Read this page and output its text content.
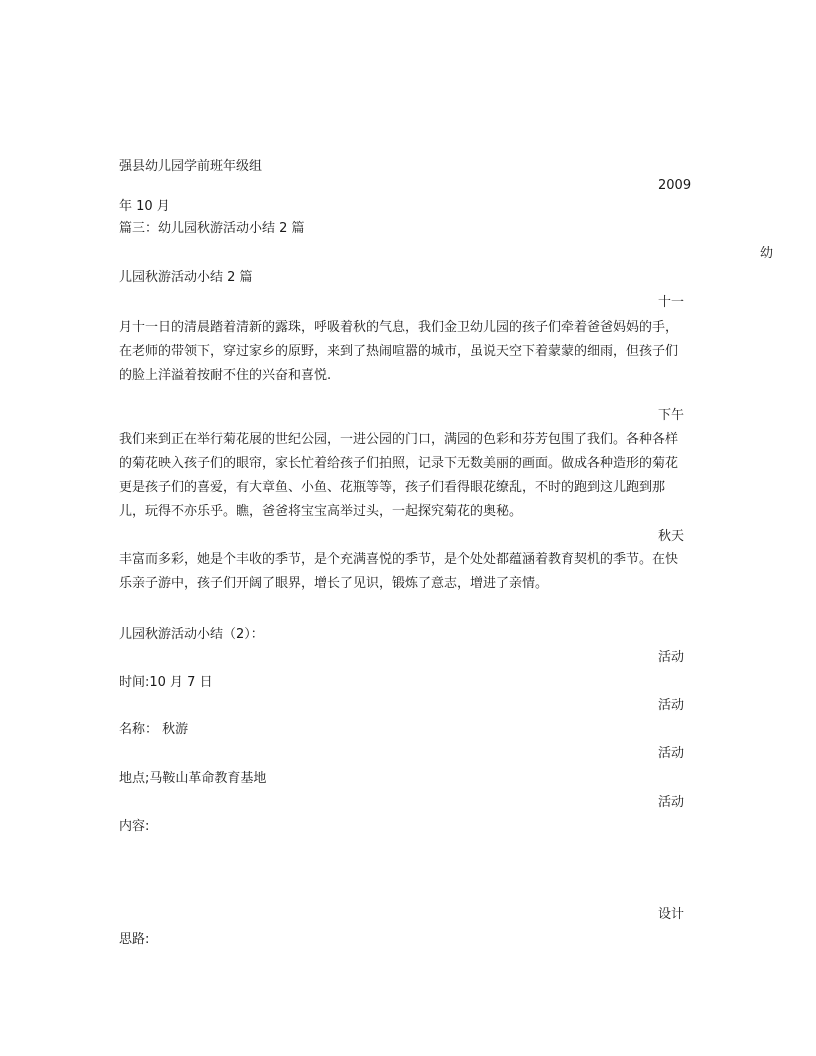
强县幼儿园学前班年级组
2009
年 10 月
篇三：幼儿园秋游活动小结 2 篇
幼
儿园秋游活动小结 2 篇
十一
月十一日的清晨踏着清新的露珠，呼吸着秋的气息，我们金卫幼儿园的孩子们牵着爸爸妈妈的手，在老师的带领下，穿过家乡的原野，来到了热闹喧嚣的城市，虽说天空下着蒙蒙的细雨，但孩子们的脸上洋溢着按耐不住的兴奋和喜悦.
下午
我们来到正在举行菊花展的世纪公园，一进公园的门口，满园的色彩和芬芳包围了我们。各种各样的菊花映入孩子们的眼帘，家长忙着给孩子们拍照，记录下无数美丽的画面。做成各种造形的菊花更是孩子们的喜爱，有大章鱼、小鱼、花瓶等等，孩子们看得眼花缭乱，不时的跑到这儿跑到那儿，玩得不亦乐乎。瞧，爸爸将宝宝高举过头，一起探究菊花的奥秘。
秋天
丰富而多彩，她是个丰收的季节，是个充满喜悦的季节，是个处处都蕴涵着教育契机的季节。在快乐亲子游中，孩子们开阔了眼界，增长了见识，锻炼了意志，增进了亲情。
儿园秋游活动小结（2）：
活动
时间:10 月 7 日
活动
名称： 秋游
活动
地点;马鞍山革命教育基地
活动
内容:
设计
思路:
